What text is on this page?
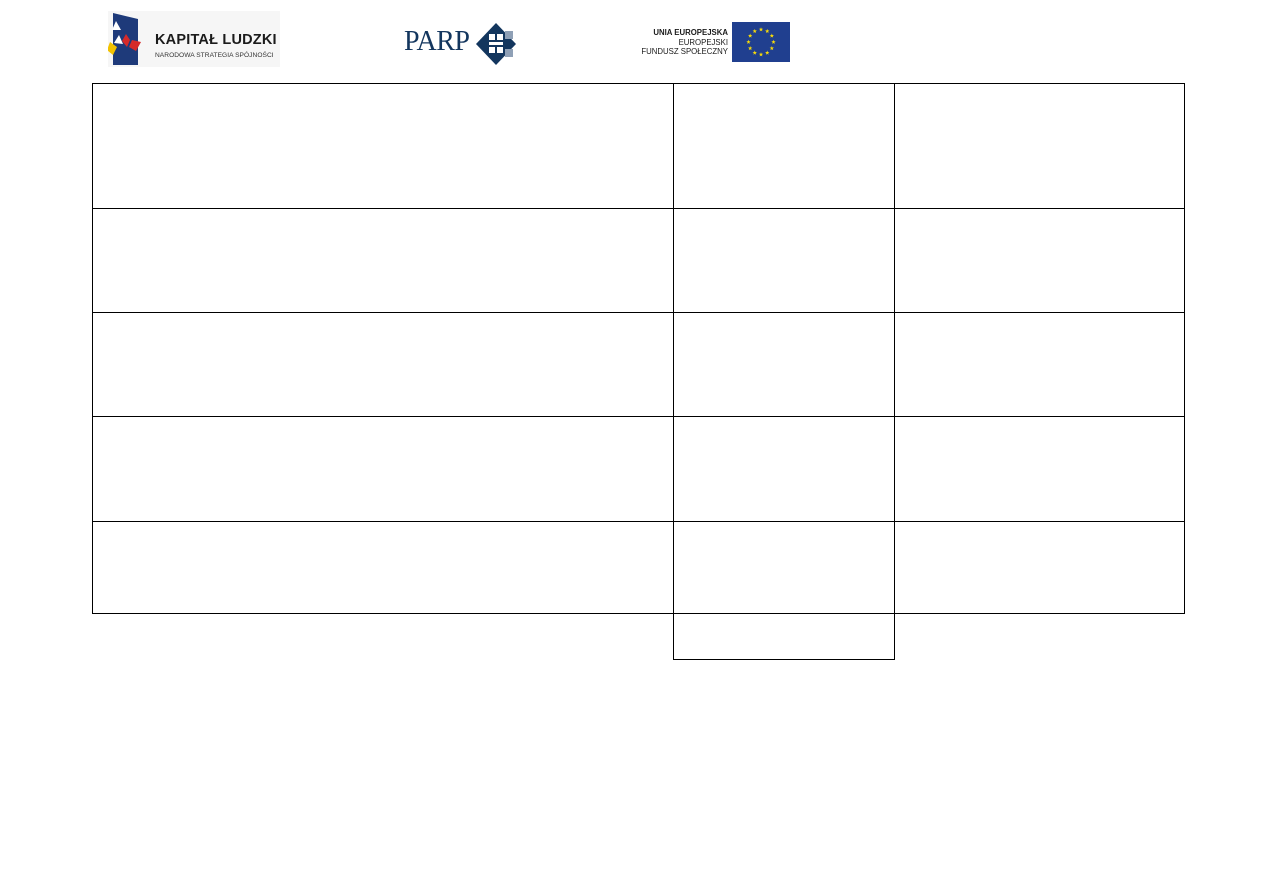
KAPITAŁ LUDZKI
NARODOWA STRATEGIA SPÓJNOŚCI	PARP	UNIA EUROPEJSKA
EUROPEJSKI
FUNDUSZ SPOŁECZNY
